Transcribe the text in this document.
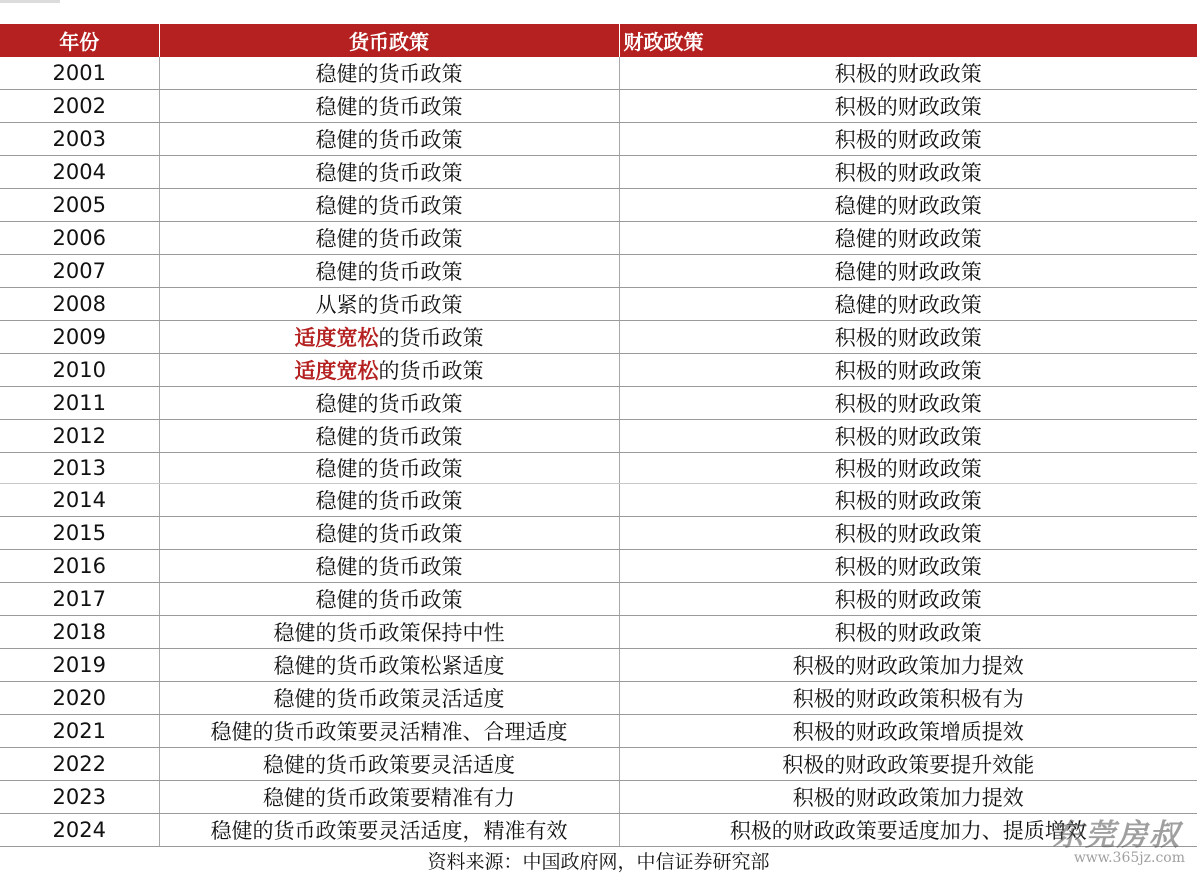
年份	货币政策	财政政策
2001	稳健的货币政策	积极的财政政策
2002	稳健的货币政策	积极的财政政策
2003	稳健的货币政策	积极的财政政策
2004	稳健的货币政策	积极的财政政策
2005	稳健的货币政策	稳健的财政政策
2006	稳健的货币政策	稳健的财政政策
2007	稳健的货币政策	稳健的财政政策
2008	从紧的货币政策	稳健的财政政策
2009	适度宽松的货币政策	积极的财政政策
2010	适度宽松的货币政策	积极的财政政策
2011	稳健的货币政策	积极的财政政策
2012	稳健的货币政策	积极的财政政策
2013	稳健的货币政策	积极的财政政策
2014	稳健的货币政策	积极的财政政策
2015	稳健的货币政策	积极的财政政策
2016	稳健的货币政策	积极的财政政策
2017	稳健的货币政策	积极的财政政策
2018	稳健的货币政策保持中性	积极的财政政策
2019	稳健的货币政策松紧适度	积极的财政政策加力提效
2020	稳健的货币政策灵活适度	积极的财政政策积极有为
2021	稳健的货币政策要灵活精准、合理适度	积极的财政政策增质提效
2022	稳健的货币政策要灵活适度	积极的财政政策要提升效能
2023	稳健的货币政策要精准有力	积极的财政政策加力提效
2024	稳健的货币政策要灵活适度，精准有效	积极的财政政策要适度加力、提质增效
资料来源：中国政府网，中信证券研究部
东莞房叔
www.365jz.com
